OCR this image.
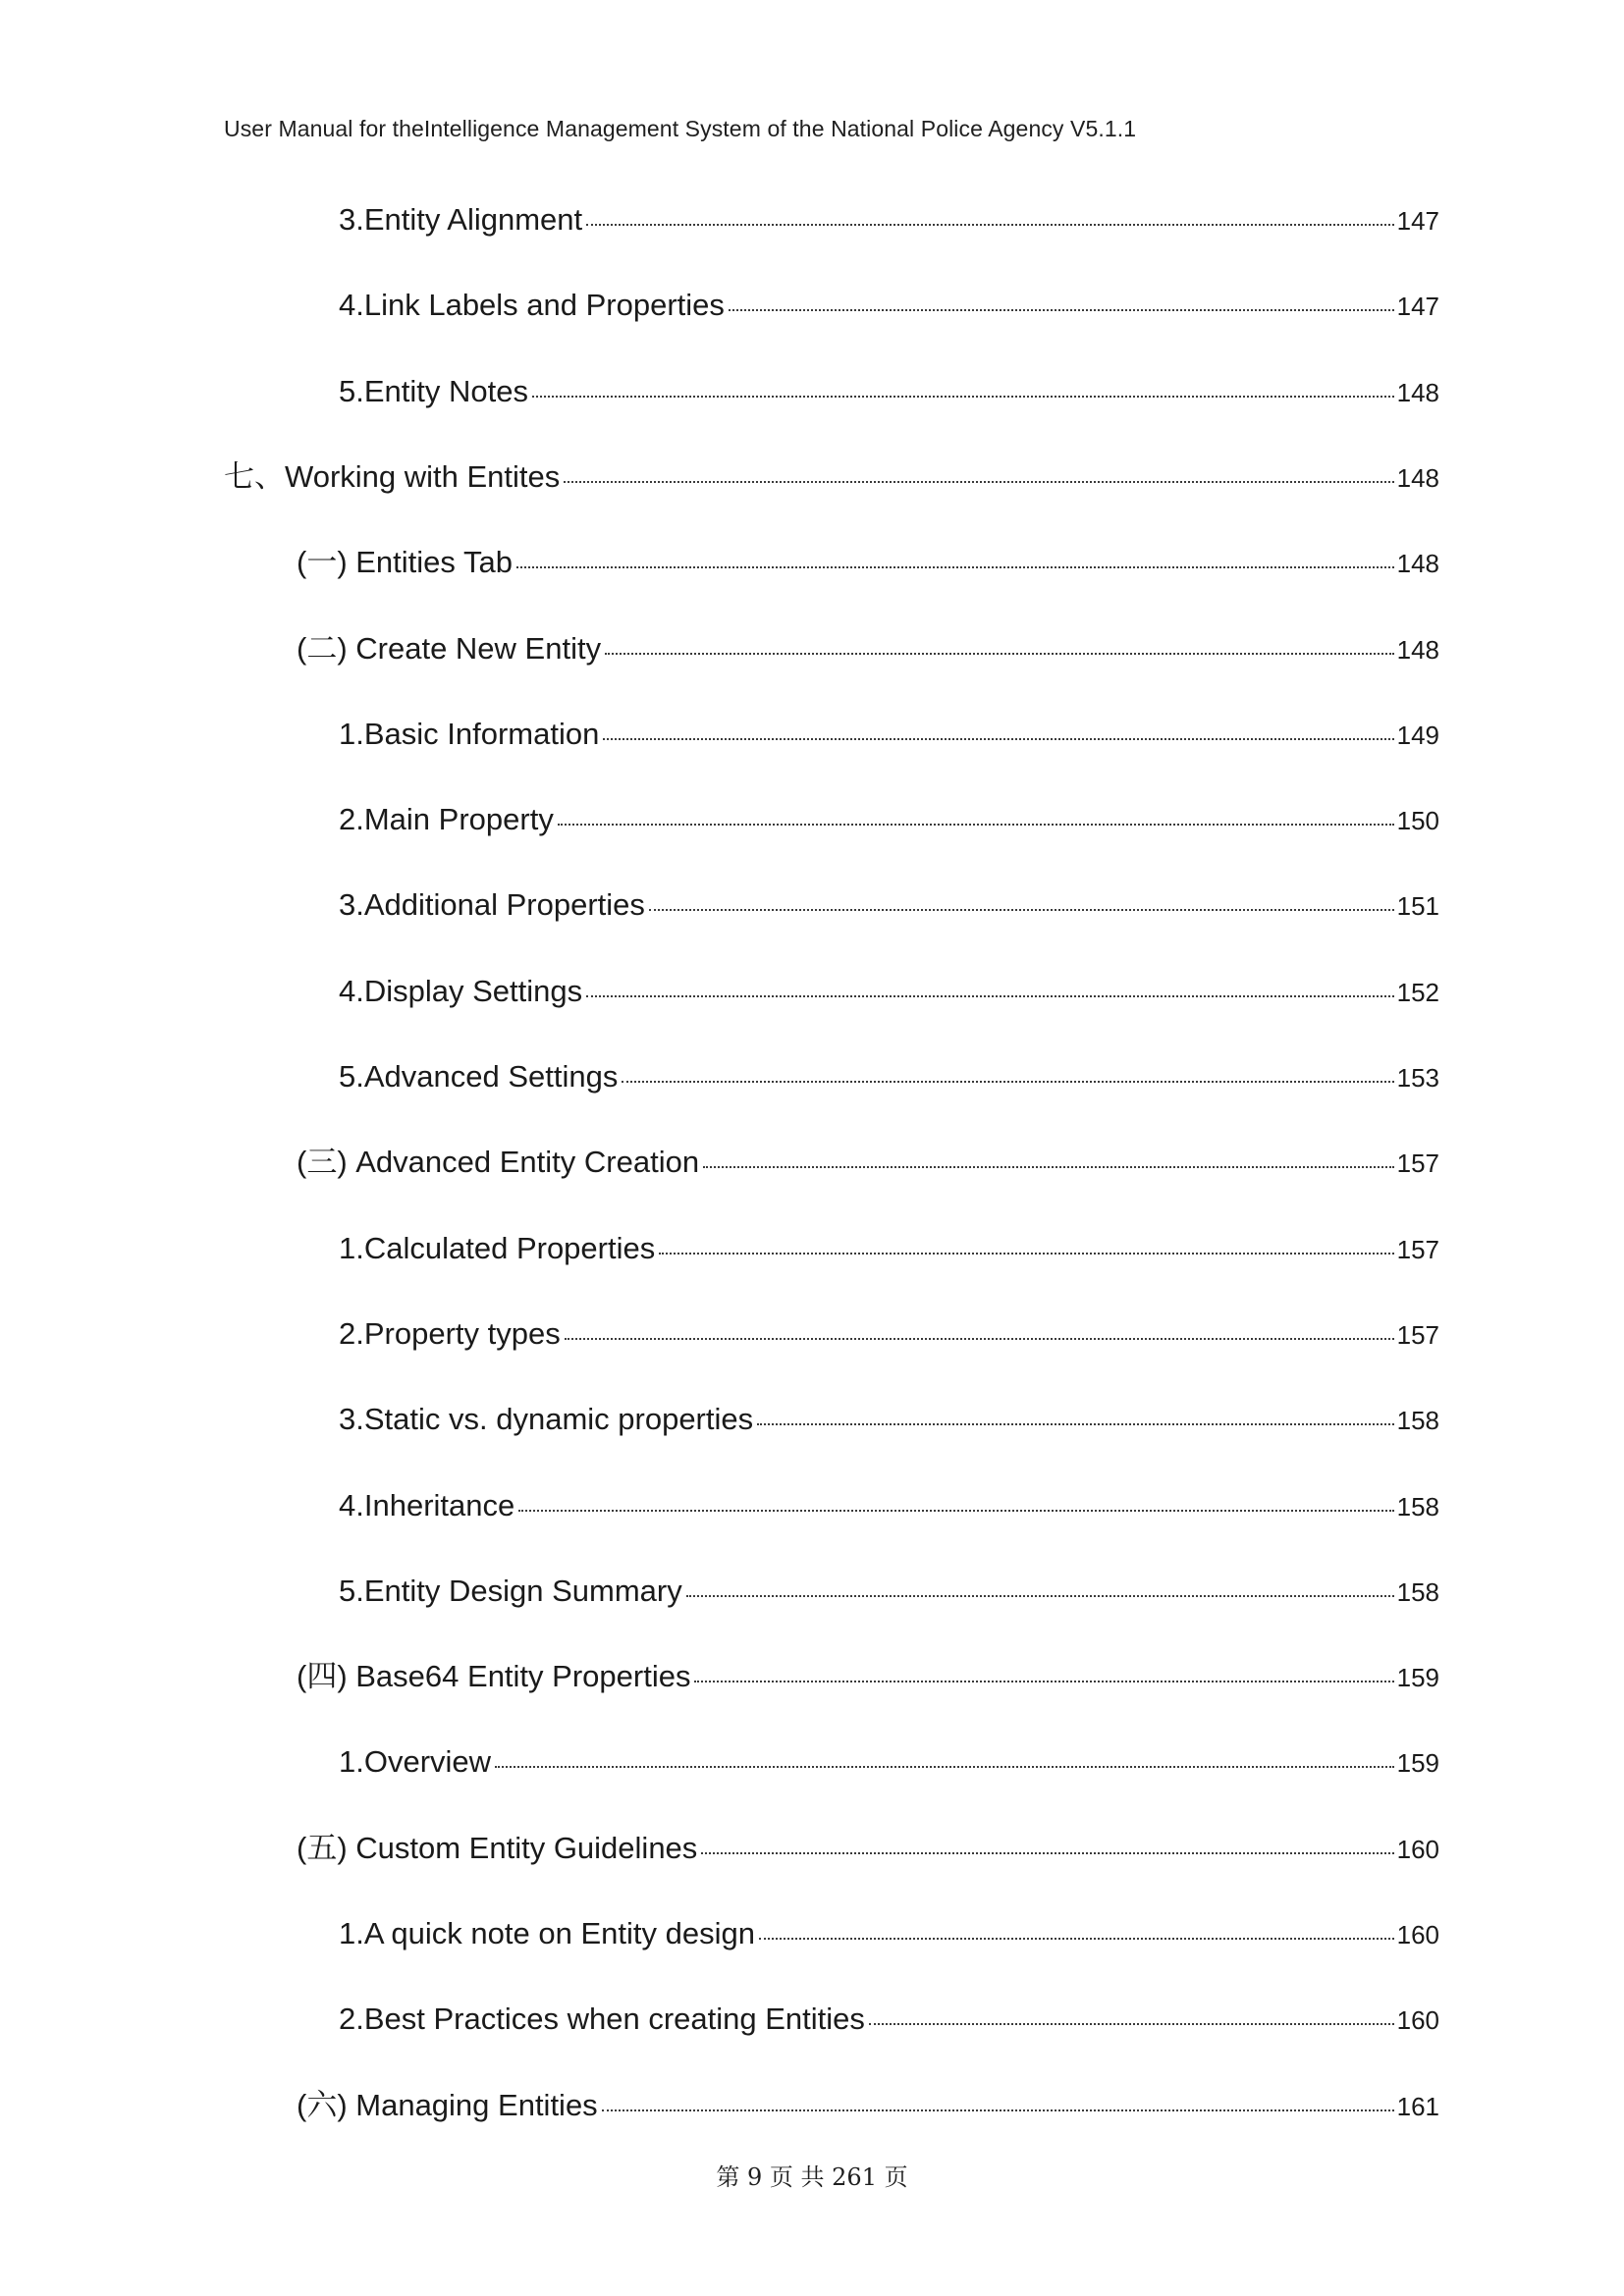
User Manual for theIntelligence Management System of the National Police Agency V5.1.1
3.Entity Alignment	147
4.Link Labels and Properties	147
5.Entity Notes	148
七、Working with Entites	148
(一) Entities Tab	148
(二) Create New Entity	148
1.Basic Information	149
2.Main Property	150
3.Additional Properties	151
4.Display Settings	152
5.Advanced Settings	153
(三) Advanced Entity Creation	157
1.Calculated Properties	157
2.Property types	157
3.Static vs. dynamic properties	158
4.Inheritance	158
5.Entity Design Summary	158
(四) Base64 Entity Properties	159
1.Overview	159
(五) Custom Entity Guidelines	160
1.A quick note on Entity design	160
2.Best Practices when creating Entities	160
(六) Managing Entities	161
第 9 页 共 261 页
